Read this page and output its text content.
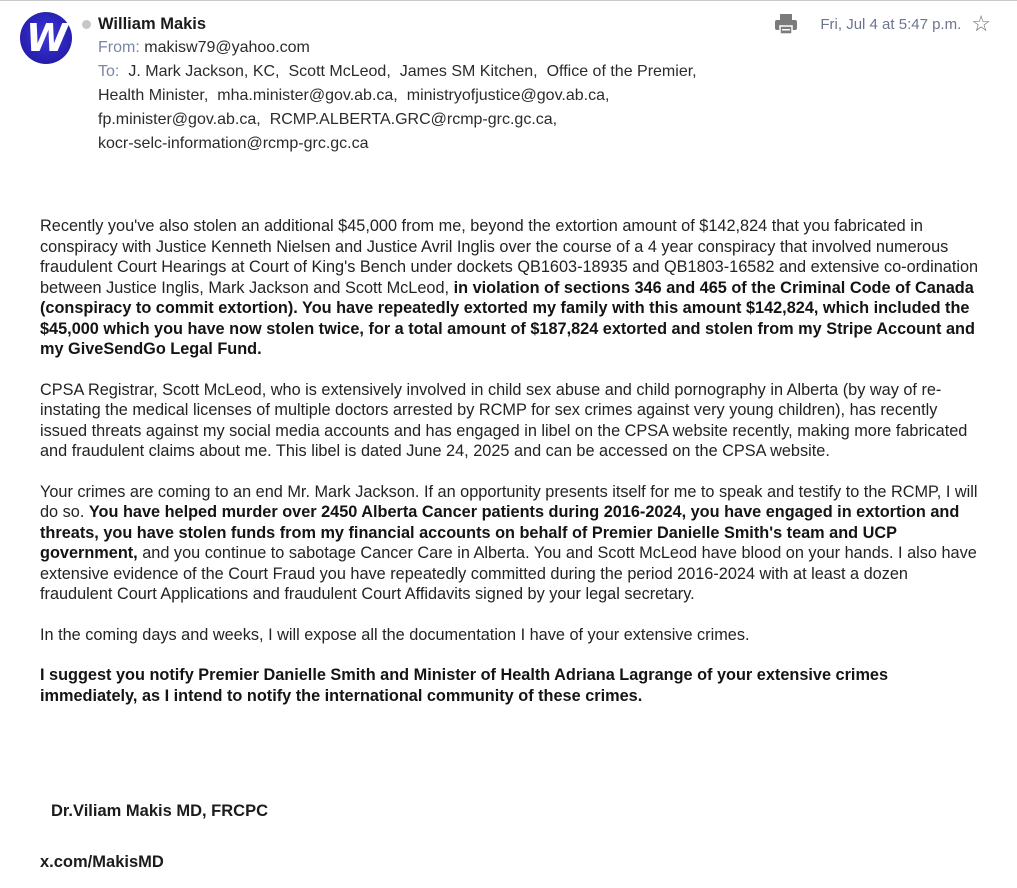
W William Makis
From: makisw79@yahoo.com
To: J. Mark Jackson, KC, Scott McLeod, James SM Kitchen, Office of the Premier,
Health Minister, mha.minister@gov.ab.ca, ministryofjustice@gov.ab.ca,
fp.minister@gov.ab.ca, RCMP.ALBERTA.GRC@rcmp-grc.gc.ca,
kocr-selc-information@rcmp-grc.gc.ca
Fri, Jul 4 at 5:47 p.m. ☆

Recently you've also stolen an additional $45,000 from me, beyond the extortion amount of $142,824 that you fabricated in conspiracy with Justice Kenneth Nielsen and Justice Avril Inglis over the course of a 4 year conspiracy that involved numerous fraudulent Court Hearings at Court of King's Bench under dockets QB1603-18935 and QB1803-16582 and extensive co-ordination between Justice Inglis, Mark Jackson and Scott McLeod, in violation of sections 346 and 465 of the Criminal Code of Canada (conspiracy to commit extortion). You have repeatedly extorted my family with this amount $142,824, which included the $45,000 which you have now stolen twice, for a total amount of $187,824 extorted and stolen from my Stripe Account and my GiveSendGo Legal Fund.

CPSA Registrar, Scott McLeod, who is extensively involved in child sex abuse and child pornography in Alberta (by way of re-instating the medical licenses of multiple doctors arrested by RCMP for sex crimes against very young children), has recently issued threats against my social media accounts and has engaged in libel on the CPSA website recently, making more fabricated and fraudulent claims about me. This libel is dated June 24, 2025 and can be accessed on the CPSA website.

Your crimes are coming to an end Mr. Mark Jackson. If an opportunity presents itself for me to speak and testify to the RCMP, I will do so. You have helped murder over 2450 Alberta Cancer patients during 2016-2024, you have engaged in extortion and threats, you have stolen funds from my financial accounts on behalf of Premier Danielle Smith's team and UCP government, and you continue to sabotage Cancer Care in Alberta. You and Scott McLeod have blood on your hands. I also have extensive evidence of the Court Fraud you have repeatedly committed during the period 2016-2024 with at least a dozen fraudulent Court Applications and fraudulent Court Affidavits signed by your legal secretary.

In the coming days and weeks, I will expose all the documentation I have of your extensive crimes.

I suggest you notify Premier Danielle Smith and Minister of Health Adriana Lagrange of your extensive crimes immediately, as I intend to notify the international community of these crimes.

Dr.Viliam Makis MD, FRCPC
x.com/MakisMD
